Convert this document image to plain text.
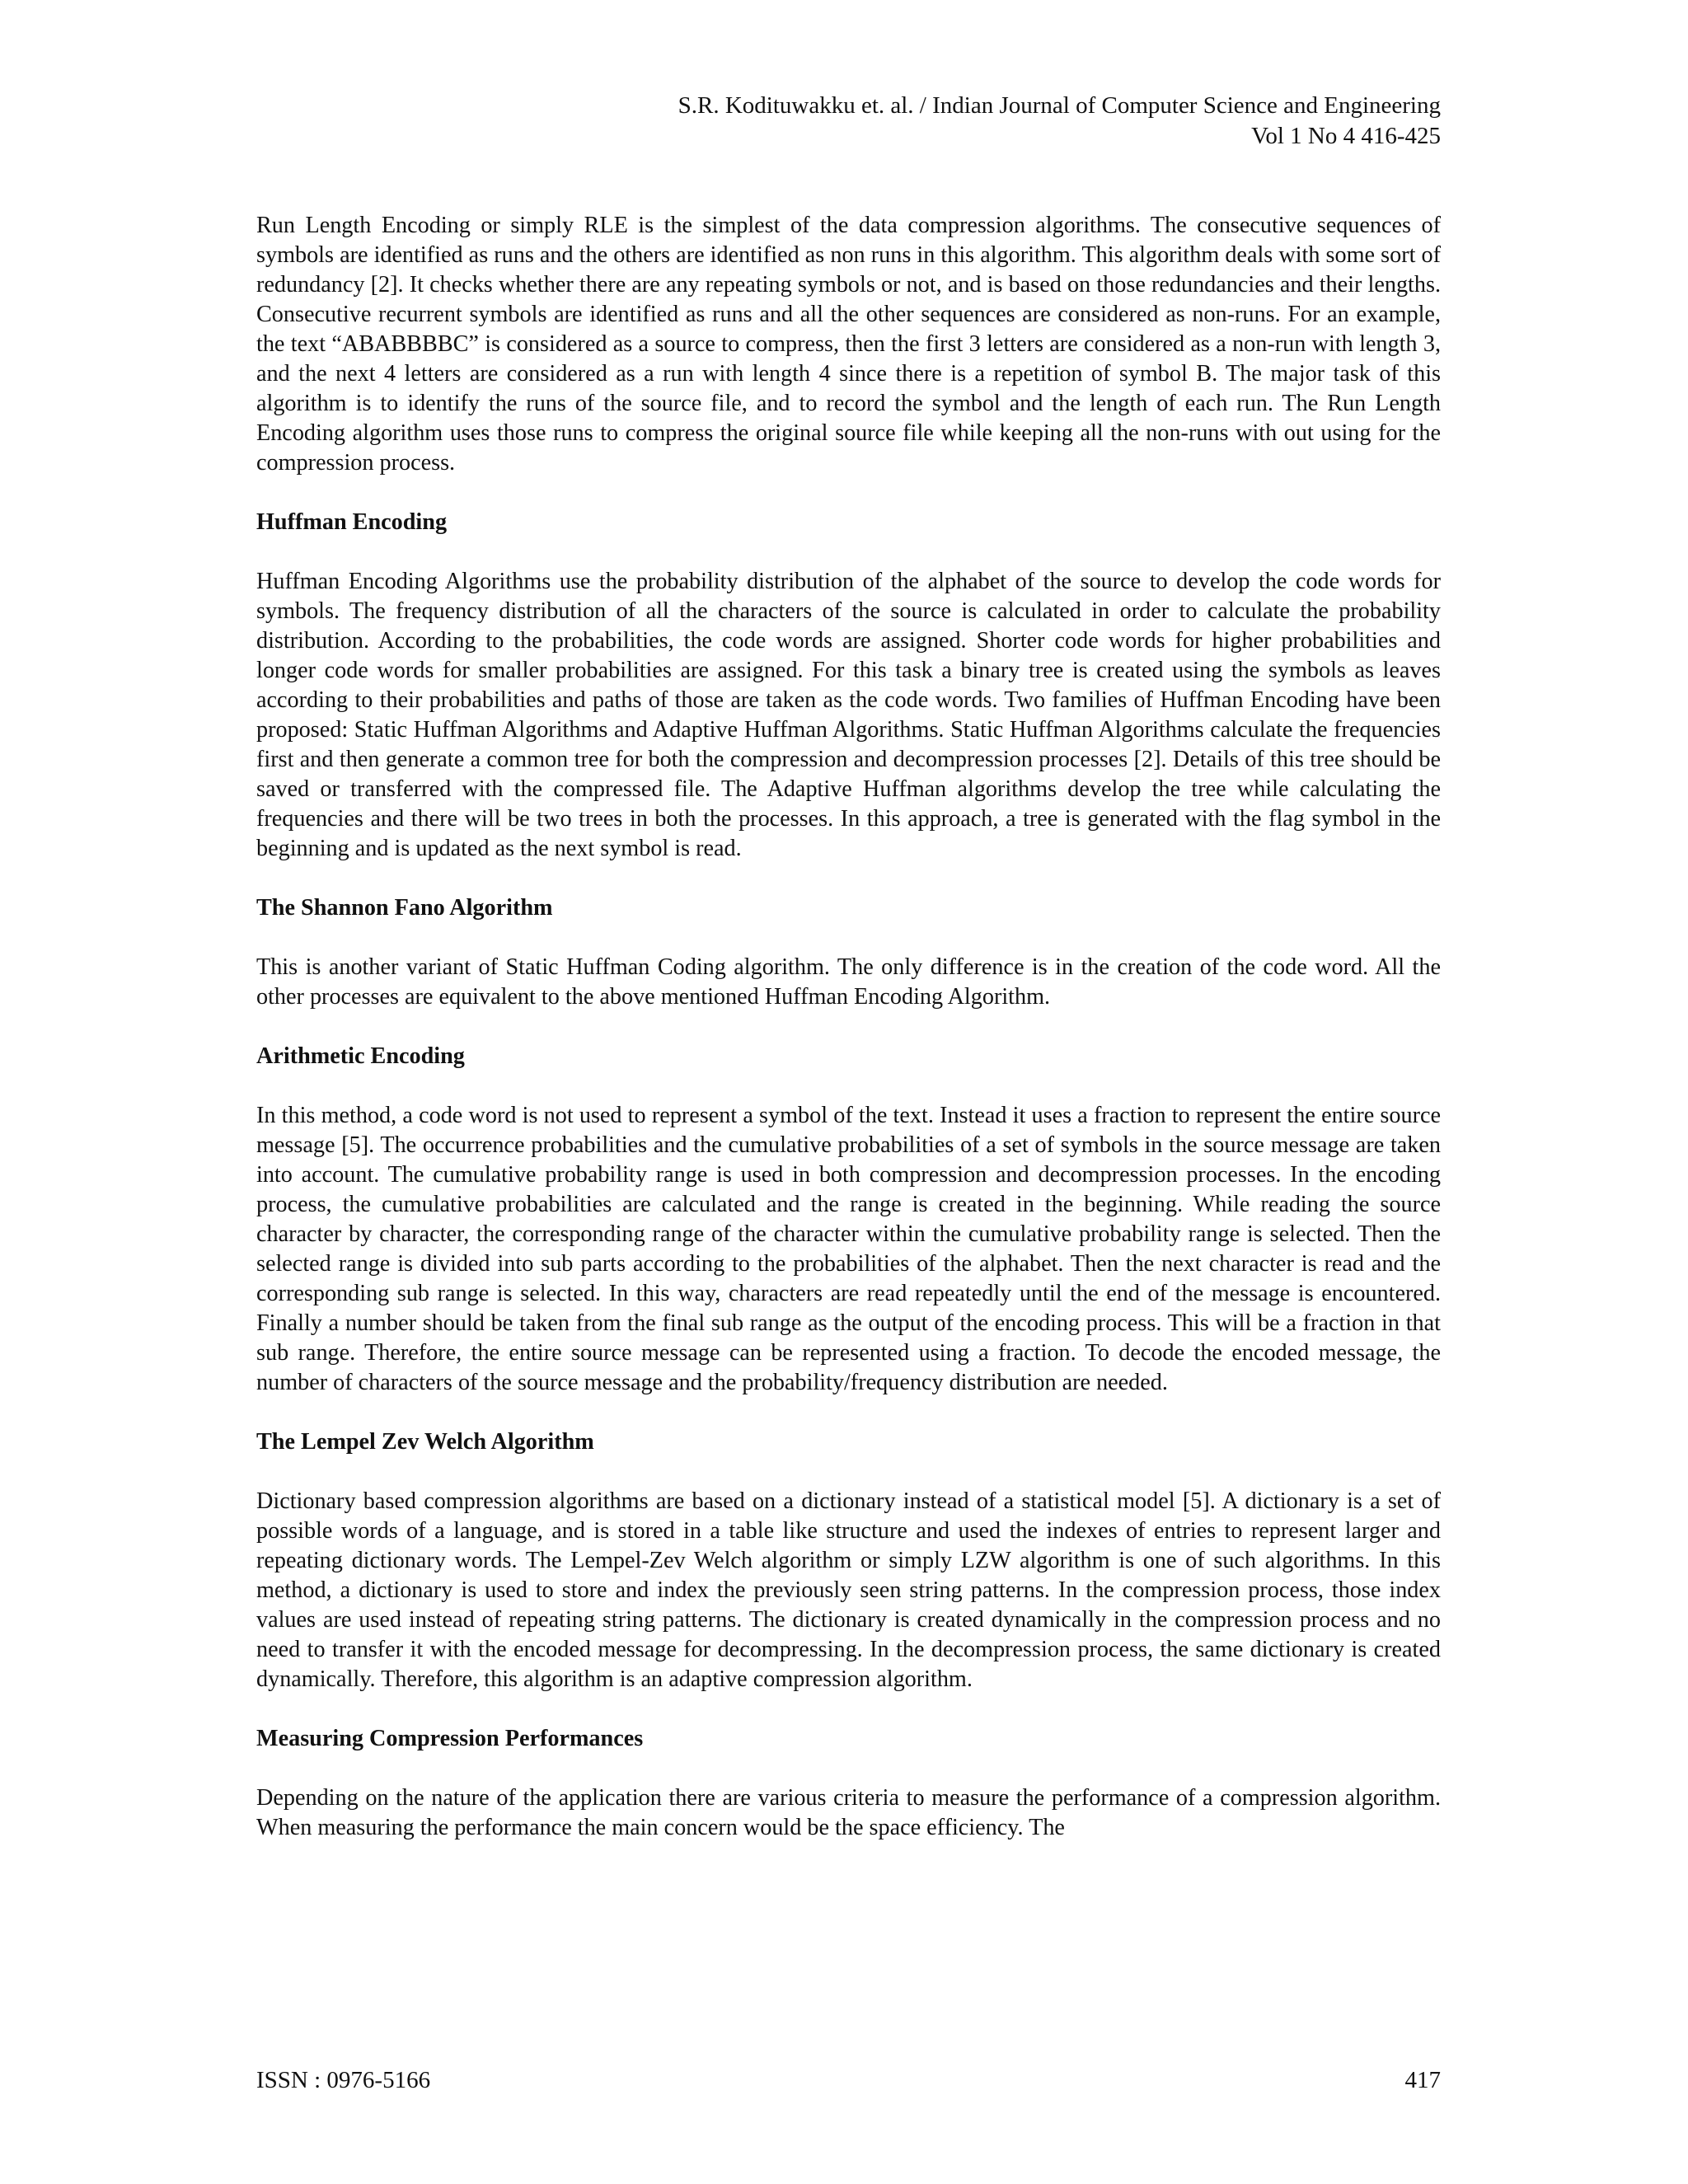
S.R. Kodituwakku et. al. / Indian Journal of Computer Science and Engineering
Vol 1 No 4 416-425

Run Length Encoding or simply RLE is the simplest of the data compression algorithms. The consecutive sequences of symbols are identified as runs and the others are identified as non runs in this algorithm. This algorithm deals with some sort of redundancy [2]. It checks whether there are any repeating symbols or not, and is based on those redundancies and their lengths. Consecutive recurrent symbols are identified as runs and all the other sequences are considered as non-runs. For an example, the text “ABABBBBC” is considered as a source to compress, then the first 3 letters are considered as a non-run with length 3, and the next 4 letters are considered as a run with length 4 since there is a repetition of symbol B. The major task of this algorithm is to identify the runs of the source file, and to record the symbol and the length of each run. The Run Length Encoding algorithm uses those runs to compress the original source file while keeping all the non-runs with out using for the compression process.

Huffman Encoding

Huffman Encoding Algorithms use the probability distribution of the alphabet of the source to develop the code words for symbols. The frequency distribution of all the characters of the source is calculated in order to calculate the probability distribution. According to the probabilities, the code words are assigned. Shorter code words for higher probabilities and longer code words for smaller probabilities are assigned. For this task a binary tree is created using the symbols as leaves according to their probabilities and paths of those are taken as the code words. Two families of Huffman Encoding have been proposed: Static Huffman Algorithms and Adaptive Huffman Algorithms. Static Huffman Algorithms calculate the frequencies first and then generate a common tree for both the compression and decompression processes [2]. Details of this tree should be saved or transferred with the compressed file. The Adaptive Huffman algorithms develop the tree while calculating the frequencies and there will be two trees in both the processes. In this approach, a tree is generated with the flag symbol in the beginning and is updated as the next symbol is read.

The Shannon Fano Algorithm

This is another variant of Static Huffman Coding algorithm. The only difference is in the creation of the code word. All the other processes are equivalent to the above mentioned Huffman Encoding Algorithm.

Arithmetic Encoding

In this method, a code word is not used to represent a symbol of the text. Instead it uses a fraction to represent the entire source message [5]. The occurrence probabilities and the cumulative probabilities of a set of symbols in the source message are taken into account. The cumulative probability range is used in both compression and decompression processes. In the encoding process, the cumulative probabilities are calculated and the range is created in the beginning. While reading the source character by character, the corresponding range of the character within the cumulative probability range is selected. Then the selected range is divided into sub parts according to the probabilities of the alphabet. Then the next character is read and the corresponding sub range is selected. In this way, characters are read repeatedly until the end of the message is encountered. Finally a number should be taken from the final sub range as the output of the encoding process. This will be a fraction in that sub range. Therefore, the entire source message can be represented using a fraction. To decode the encoded message, the number of characters of the source message and the probability/frequency distribution are needed.

The Lempel Zev Welch Algorithm

Dictionary based compression algorithms are based on a dictionary instead of a statistical model [5]. A dictionary is a set of possible words of a language, and is stored in a table like structure and used the indexes of entries to represent larger and repeating dictionary words. The Lempel-Zev Welch algorithm or simply LZW algorithm is one of such algorithms. In this method, a dictionary is used to store and index the previously seen string patterns. In the compression process, those index values are used instead of repeating string patterns. The dictionary is created dynamically in the compression process and no need to transfer it with the encoded message for decompressing. In the decompression process, the same dictionary is created dynamically. Therefore, this algorithm is an adaptive compression algorithm.

Measuring Compression Performances

Depending on the nature of the application there are various criteria to measure the performance of a compression algorithm. When measuring the performance the main concern would be the space efficiency. The

ISSN : 0976-5166	417
